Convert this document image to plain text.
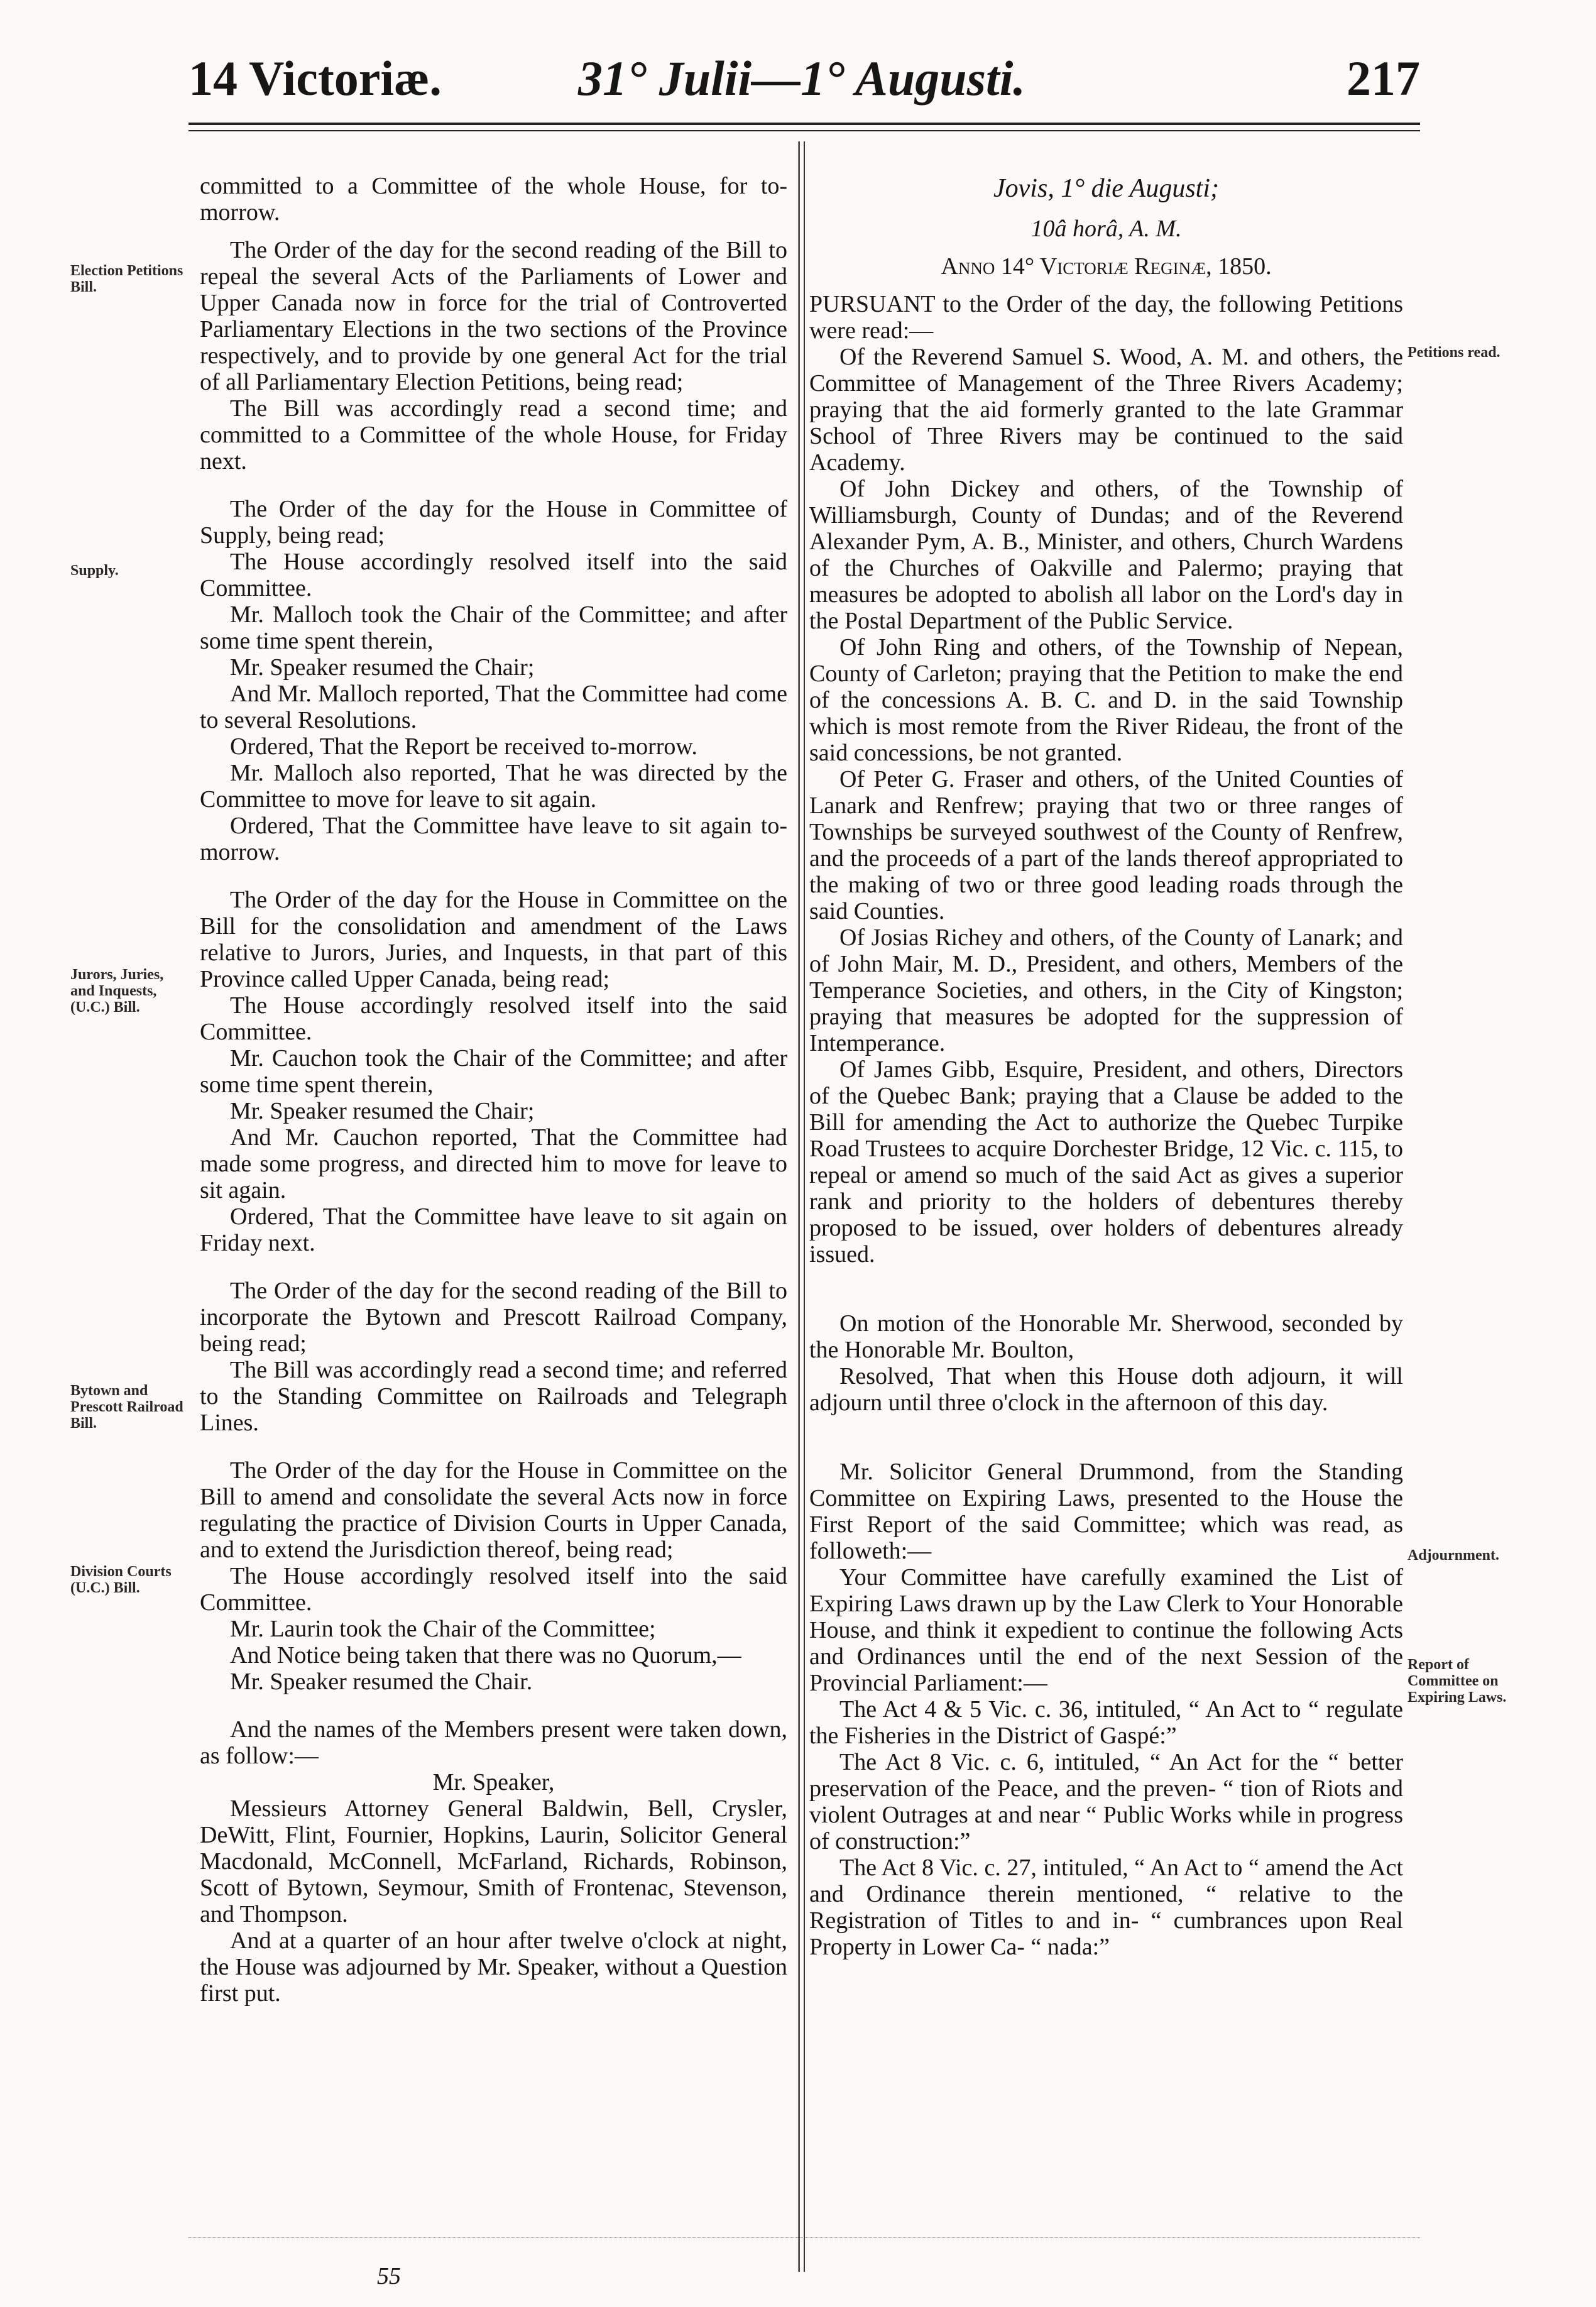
14 Victoriæ.	31° Julii—1° Augusti.	217
Election Petitions Bill.
Supply.
Jurors, Juries, and Inquests, (U.C.) Bill.
Bytown and Prescott Railroad Bill.
Division Courts (U.C.) Bill.
Petitions read.
Adjournment.
Report of Committee on Expiring Laws.

committed to a Committee of the whole House, for to-morrow.

The Order of the day for the second reading of the Bill to repeal the several Acts of the Parliaments of Lower and Upper Canada now in force for the trial of Controverted Parliamentary Elections in the two sections of the Province respectively, and to provide by one general Act for the trial of all Parliamentary Election Petitions, being read;

The Bill was accordingly read a second time; and committed to a Committee of the whole House, for Friday next.

The Order of the day for the House in Committee of Supply, being read;

The House accordingly resolved itself into the said Committee.

Mr. Malloch took the Chair of the Committee; and after some time spent therein,

Mr. Speaker resumed the Chair;

And Mr. Malloch reported, That the Committee had come to several Resolutions.

Ordered, That the Report be received to-morrow.

Mr. Malloch also reported, That he was directed by the Committee to move for leave to sit again.

Ordered, That the Committee have leave to sit again to-morrow.

The Order of the day for the House in Committee on the Bill for the consolidation and amendment of the Laws relative to Jurors, Juries, and Inquests, in that part of this Province called Upper Canada, being read;

The House accordingly resolved itself into the said Committee.

Mr. Cauchon took the Chair of the Committee; and after some time spent therein,

Mr. Speaker resumed the Chair;

And Mr. Cauchon reported, That the Committee had made some progress, and directed him to move for leave to sit again.

Ordered, That the Committee have leave to sit again on Friday next.

The Order of the day for the second reading of the Bill to incorporate the Bytown and Prescott Railroad Company, being read;

The Bill was accordingly read a second time; and referred to the Standing Committee on Railroads and Telegraph Lines.

The Order of the day for the House in Committee on the Bill to amend and consolidate the several Acts now in force regulating the practice of Division Courts in Upper Canada, and to extend the Jurisdiction thereof, being read;

The House accordingly resolved itself into the said Committee.

Mr. Laurin took the Chair of the Committee;

And Notice being taken that there was no Quorum,—

Mr. Speaker resumed the Chair.

And the names of the Members present were taken down, as follow:—

Mr. Speaker,

Messieurs Attorney General Baldwin, Bell, Crysler, DeWitt, Flint, Fournier, Hopkins, Laurin, Solicitor General Macdonald, McConnell, McFarland, Richards, Robinson, Scott of Bytown, Seymour, Smith of Frontenac, Stevenson, and Thompson.

And at a quarter of an hour after twelve o'clock at night, the House was adjourned by Mr. Speaker, without a Question first put.

Jovis, 1° die Augusti;

10â horâ, A. M.

Anno 14° Victoriæ Reginæ, 1850.

PURSUANT to the Order of the day, the following Petitions were read:—

Of the Reverend Samuel S. Wood, A. M. and others, the Committee of Management of the Three Rivers Academy; praying that the aid formerly granted to the late Grammar School of Three Rivers may be continued to the said Academy.

Of John Dickey and others, of the Township of Williamsburgh, County of Dundas; and of the Reverend Alexander Pym, A. B., Minister, and others, Church Wardens of the Churches of Oakville and Palermo; praying that measures be adopted to abolish all labor on the Lord's day in the Postal Department of the Public Service.

Of John Ring and others, of the Township of Nepean, County of Carleton; praying that the Petition to make the end of the concessions A. B. C. and D. in the said Township which is most remote from the River Rideau, the front of the said concessions, be not granted.

Of Peter G. Fraser and others, of the United Counties of Lanark and Renfrew; praying that two or three ranges of Townships be surveyed southwest of the County of Renfrew, and the proceeds of a part of the lands thereof appropriated to the making of two or three good leading roads through the said Counties.

Of Josias Richey and others, of the County of Lanark; and of John Mair, M. D., President, and others, Members of the Temperance Societies, and others, in the City of Kingston; praying that measures be adopted for the suppression of Intemperance.

Of James Gibb, Esquire, President, and others, Directors of the Quebec Bank; praying that a Clause be added to the Bill for amending the Act to authorize the Quebec Turpike Road Trustees to acquire Dorchester Bridge, 12 Vic. c. 115, to repeal or amend so much of the said Act as gives a superior rank and priority to the holders of debentures thereby proposed to be issued, over holders of debentures already issued.

On motion of the Honorable Mr. Sherwood, seconded by the Honorable Mr. Boulton,

Resolved, That when this House doth adjourn, it will adjourn until three o'clock in the afternoon of this day.

Mr. Solicitor General Drummond, from the Standing Committee on Expiring Laws, presented to the House the First Report of the said Committee; which was read, as followeth:—

Your Committee have carefully examined the List of Expiring Laws drawn up by the Law Clerk to Your Honorable House, and think it expedient to continue the following Acts and Ordinances until the end of the next Session of the Provincial Parliament:—

The Act 4 & 5 Vic. c. 36, intituled, “ An Act to “ regulate the Fisheries in the District of Gaspé:”

The Act 8 Vic. c. 6, intituled, “ An Act for the “ better preservation of the Peace, and the preven- “ tion of Riots and violent Outrages at and near “ Public Works while in progress of construction:”

The Act 8 Vic. c. 27, intituled, “ An Act to “ amend the Act and Ordinance therein mentioned, “ relative to the Registration of Titles to and in- “ cumbrances upon Real Property in Lower Ca- “ nada:”

55
